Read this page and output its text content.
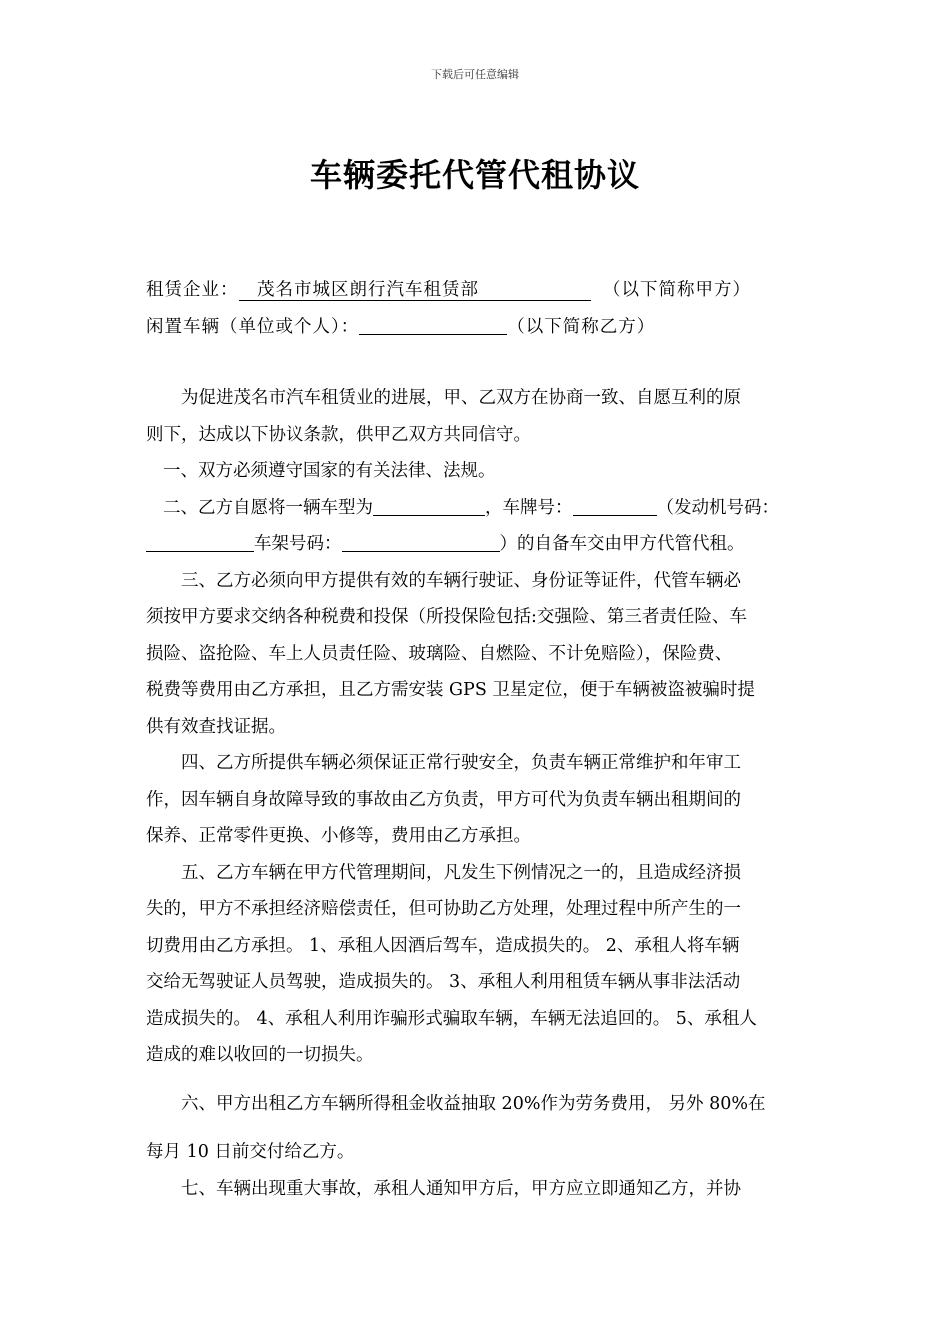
下载后可任意编辑
车辆委托代管代租协议
租赁企业：  茂名市城区朗行汽车租赁部	（以下简称甲方）
闲置车辆（单位或个人）：	（以下简称乙方）
为促进茂名市汽车租赁业的进展，甲、乙双方在协商一致、自愿互利的原
则下，达成以下协议条款，供甲乙双方共同信守。
一、双方必须遵守国家的有关法律、法规。
二、乙方自愿将一辆车型为	，车牌号：	（发动机号码：
车架号码：	）的自备车交由甲方代管代租。
三、乙方必须向甲方提供有效的车辆行驶证、身份证等证件，代管车辆必
须按甲方要求交纳各种税费和投保（所投保险包括:交强险、第三者责任险、车
损险、盗抢险、车上人员责任险、玻璃险、自燃险、不计免赔险），保险费、
税费等费用由乙方承担，且乙方需安装 GPS 卫星定位，便于车辆被盗被骗时提
供有效查找证据。
四、乙方所提供车辆必须保证正常行驶安全，负责车辆正常维护和年审工
作，因车辆自身故障导致的事故由乙方负责，甲方可代为负责车辆出租期间的
保养、正常零件更换、小修等，费用由乙方承担。
五、乙方车辆在甲方代管理期间，凡发生下例情况之一的，且造成经济损
失的，甲方不承担经济赔偿责任，但可协助乙方处理，处理过程中所产生的一
切费用由乙方承担。 1、承租人因酒后驾车，造成损失的。 2、承租人将车辆
交给无驾驶证人员驾驶，造成损失的。 3、承租人利用租赁车辆从事非法活动
造成损失的。 4、承租人利用诈骗形式骗取车辆，车辆无法追回的。 5、承租人
造成的难以收回的一切损失。
六、甲方出租乙方车辆所得租金收益抽取 20%作为劳务费用， 另外 80%在
每月 10 日前交付给乙方。
七、车辆出现重大事故，承租人通知甲方后，甲方应立即通知乙方，并协
